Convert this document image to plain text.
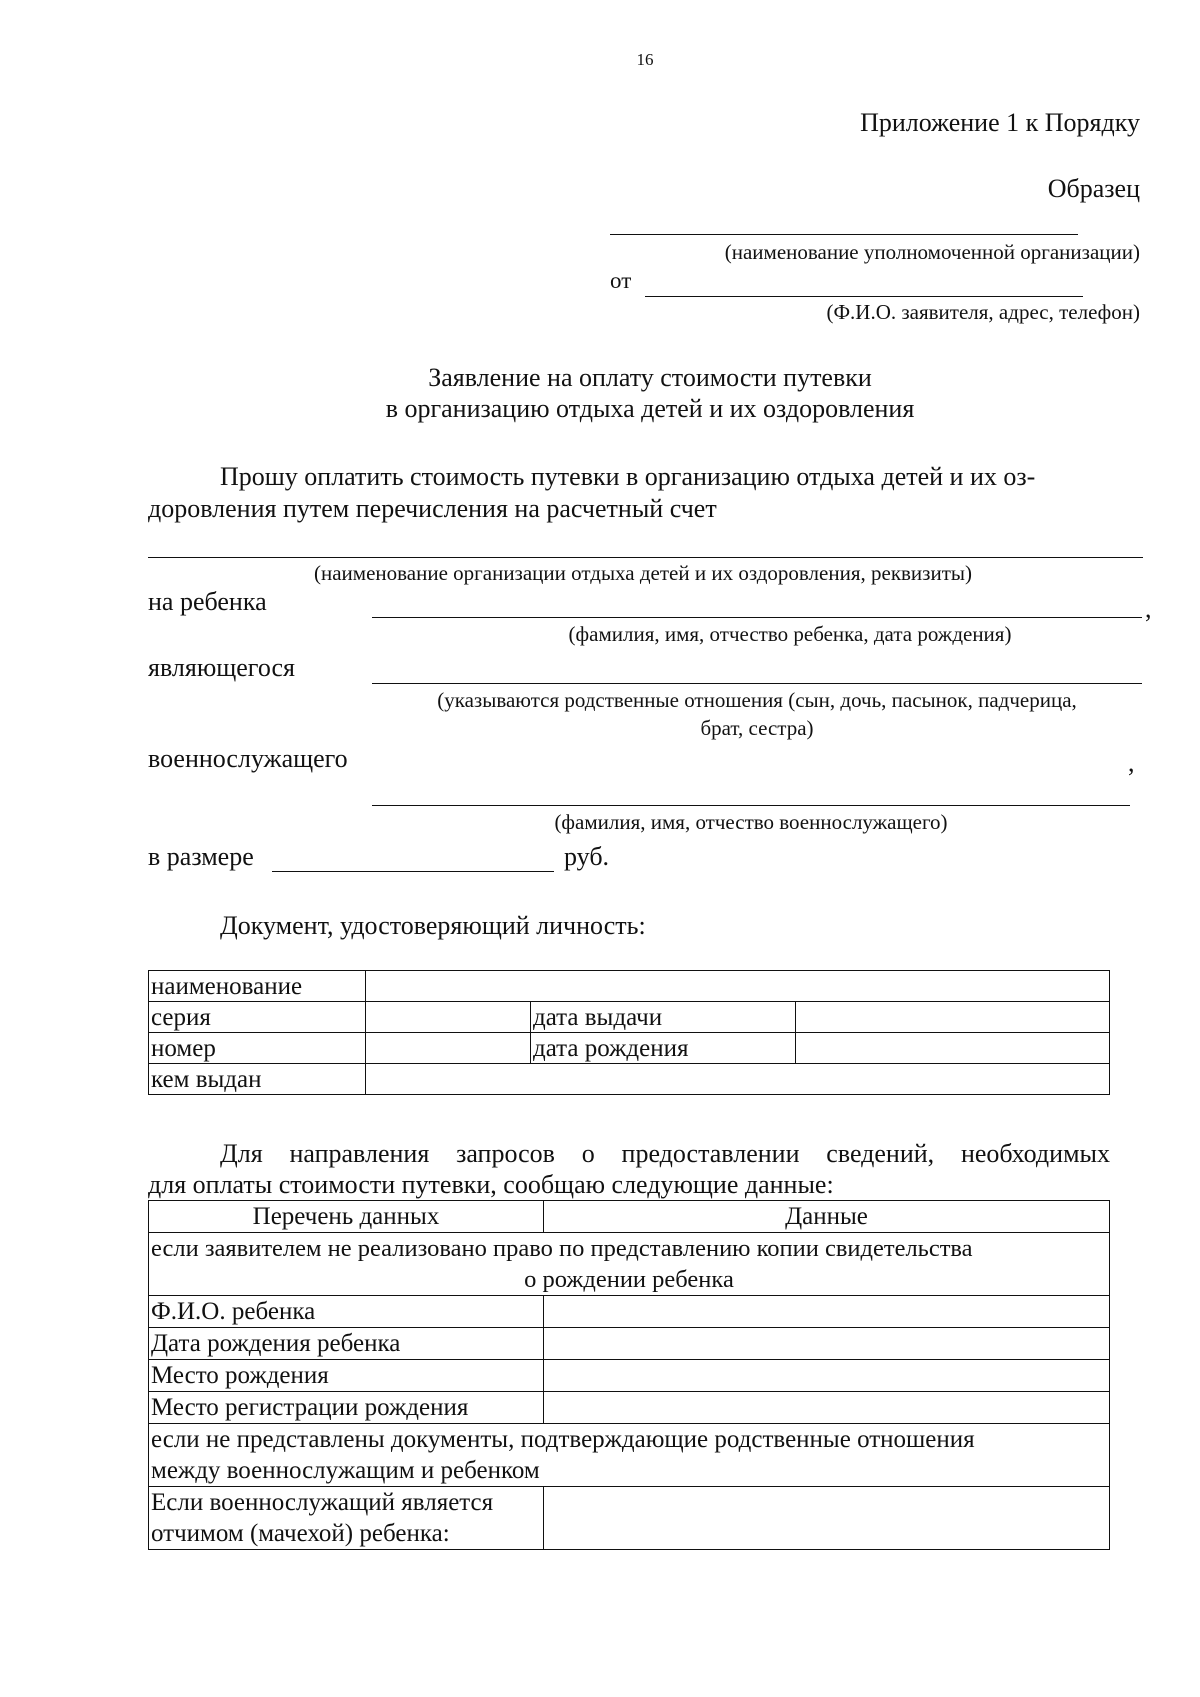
16
Приложение 1 к Порядку
Образец
(наименование уполномоченной организации)
от
(Ф.И.О. заявителя, адрес, телефон)
Заявление на оплату стоимости путевки
в организацию отдыха детей и их оздоровления
Прошу оплатить стоимость путевки в организацию отдыха детей и их оз-
доровления путем перечисления на расчетный счет
(наименование организации отдыха детей и их оздоровления, реквизиты)
на ребенка	,
(фамилия, имя, отчество ребенка, дата рождения)
являющегося
(указываются родственные отношения (сын, дочь, пасынок, падчерица,
брат, сестра)
военнослужащего	,
(фамилия, имя, отчество военнослужащего)
в размере	руб.
Документ, удостоверяющий личность:
наименование			
серия		дата выдачи	
номер		дата рождения	
кем выдан			
Для направления запросов о предоставлении сведений, необходимых
для оплаты стоимости путевки, сообщаю следующие данные:
Перечень данных	Данные

если заявителем не реализовано право по представлению копии свидетельства
о рождении ребенка	

Ф.И.О. ребенка	
Дата рождения ребенка	
Место рождения	
Место регистрации рождения	

если не представлены документы, подтверждающие родственные отношения
между военнослужащим и ребенком	

Если военнослужащий является
отчимом (мачехой) ребенка:	
